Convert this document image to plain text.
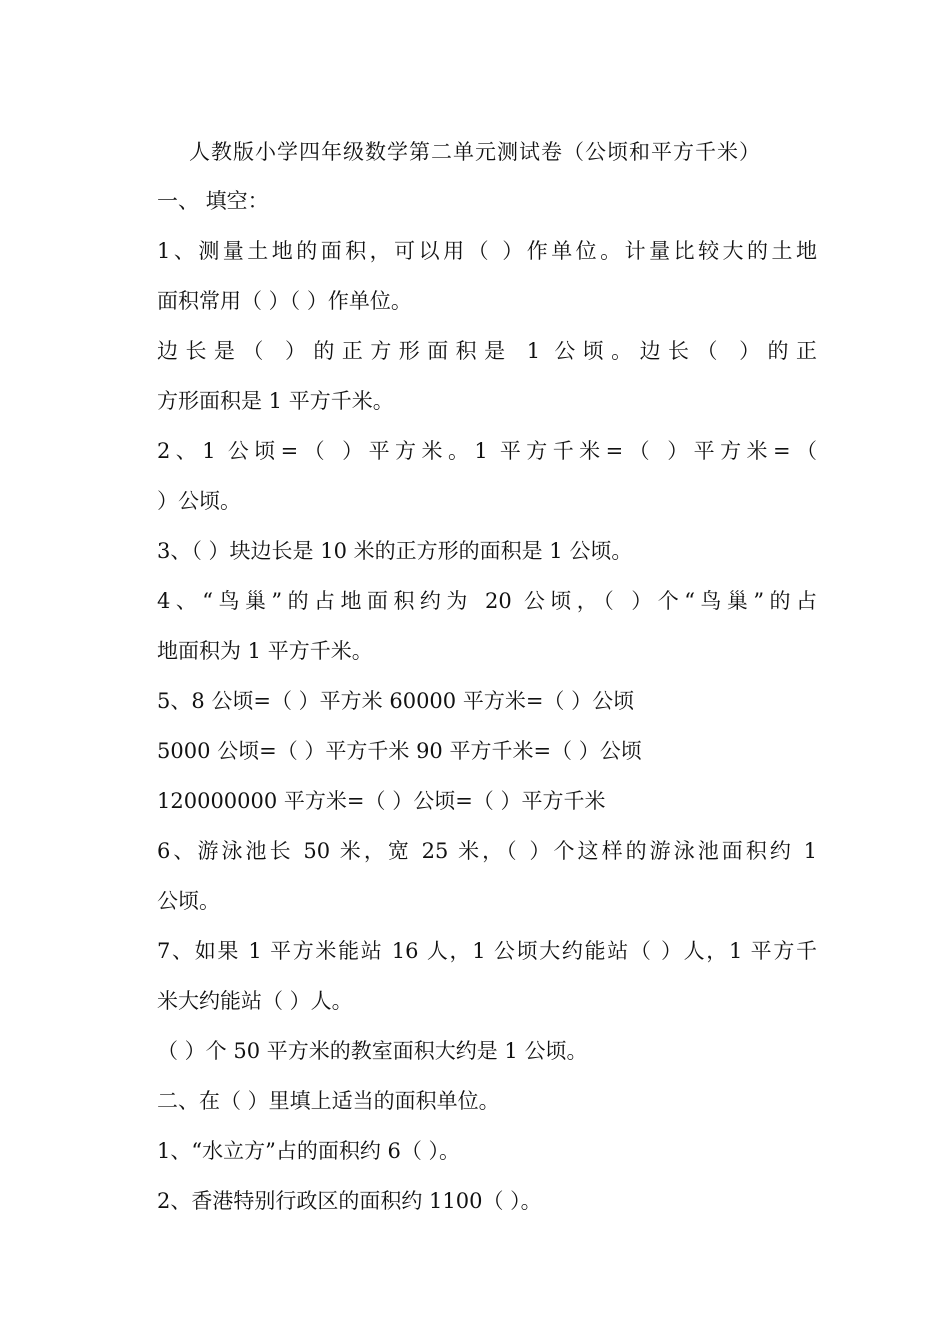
人教版小学四年级数学第二单元测试卷（公顷和平方千米）
一、 填空：
1、测量土地的面积，可以用（ ）作单位。计量比较大的土地
面积常用（ ）（ ）作单位。
边长是（ ）的正方形面积是 1 公顷。边长（ ）的正
方形面积是 1 平方千米。
2、1 公顷=（ ）平方米。1 平方千米=（ ）平方米=（
）公顷。
3、（ ）块边长是 10 米的正方形的面积是 1 公顷。
4、“鸟巢”的占地面积约为 20 公顷，（ ）个“鸟巢”的占
地面积为 1 平方千米。
5、8 公顷=（ ）平方米 60000 平方米=（ ）公顷
5000 公顷=（ ）平方千米 90 平方千米=（ ）公顷
120000000 平方米=（ ）公顷=（ ）平方千米
6、游泳池长 50 米，宽 25 米，（ ）个这样的游泳池面积约 1
公顷。
7、如果 1 平方米能站 16 人，1 公顷大约能站（ ）人，1 平方千
米大约能站（ ）人。
（ ）个 50 平方米的教室面积大约是 1 公顷。
二、在（ ）里填上适当的面积单位。
1、“水立方”占的面积约 6（ ）。
2、香港特别行政区的面积约 1100（ ）。
